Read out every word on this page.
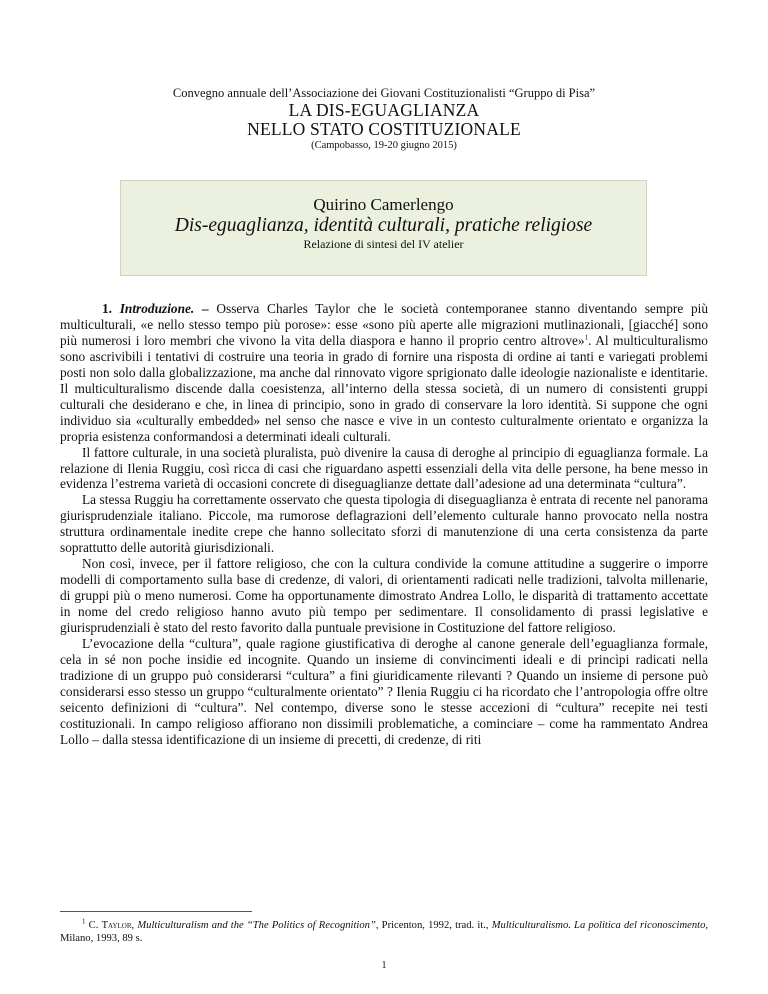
Convegno annuale dell’Associazione dei Giovani Costituzionalisti “Gruppo di Pisa”

LA DIS-EGUAGLIANZA

NELLO STATO COSTITUZIONALE

(Campobasso, 19-20 giugno 2015)

Quirino Camerlengo
Dis-eguaglianza, identità culturali, pratiche religiose
Relazione di sintesi del IV atelier

1. Introduzione. – Osserva Charles Taylor che le società contemporanee stanno diventando sempre più multiculturali, «e nello stesso tempo più porose»: esse «sono più aperte alle migrazioni mutlinazionali, [giacché] sono più numerosi i loro membri che vivono la vita della diaspora e hanno il proprio centro altrove»$^1$. Al multiculturalismo sono ascrivibili i tentativi di costruire una teoria in grado di fornire una risposta di ordine ai tanti e variegati problemi posti non solo dalla globalizzazione, ma anche dal rinnovato vigore sprigionato dalle ideologie nazionaliste e identitarie. Il multiculturalismo discende dalla coesistenza, all’interno della stessa società, di un numero di consistenti gruppi culturali che desiderano e che, in linea di principio, sono in grado di conservare la loro identità. Si suppone che ogni individuo sia «culturally embedded» nel senso che nasce e vive in un contesto culturalmente orientato e organizza la propria esistenza conformandosi a determinati ideali culturali.

Il fattore culturale, in una società pluralista, può divenire la causa di deroghe al principio di eguaglianza formale. La relazione di Ilenia Ruggiu, così ricca di casi che riguardano aspetti essenziali della vita delle persone, ha bene messo in evidenza l’estrema varietà di occasioni concrete di diseguaglianze dettate dall’adesione ad una determinata “cultura”.

La stessa Ruggiu ha correttamente osservato che questa tipologia di diseguaglianza è entrata di recente nel panorama giurisprudenziale italiano. Piccole, ma rumorose deflagrazioni dell’elemento culturale hanno provocato nella nostra struttura ordinamentale inedite crepe che hanno sollecitato sforzi di manutenzione di una certa consistenza da parte soprattutto delle autorità giurisdizionali.

Non così, invece, per il fattore religioso, che con la cultura condivide la comune attitudine a suggerire o imporre modelli di comportamento sulla base di credenze, di valori, di orientamenti radicati nelle tradizioni, talvolta millenarie, di gruppi più o meno numerosi. Come ha opportunamente dimostrato Andrea Lollo, le disparità di trattamento accettate in nome del credo religioso hanno avuto più tempo per sedimentare. Il consolidamento di prassi legislative e giurisprudenziali è stato del resto favorito dalla puntuale previsione in Costituzione del fattore religioso.

L’evocazione della “cultura”, quale ragione giustificativa di deroghe al canone generale dell’eguaglianza formale, cela in sé non poche insidie ed incognite. Quando un insieme di convincimenti ideali e di princìpi radicati nella tradizione di un gruppo può considerarsi “cultura” a fini giuridicamente rilevanti ? Quando un insieme di persone può considerarsi esso stesso un gruppo “culturalmente orientato” ? Ilenia Ruggiu ci ha ricordato che l’antropologia offre oltre seicento definizioni di “cultura”. Nel contempo, diverse sono le stesse accezioni di “cultura” recepite nei testi costituzionali. In campo religioso affiorano non dissimili problematiche, a cominciare – come ha rammentato Andrea Lollo – dalla stessa identificazione di un insieme di precetti, di credenze, di riti

$^1$ C. Taylor, Multiculturalism and the “The Politics of Recognition”, Pricenton, 1992, trad. it., Multiculturalismo. La politica del riconoscimento, Milano, 1993, 89 s.
1
